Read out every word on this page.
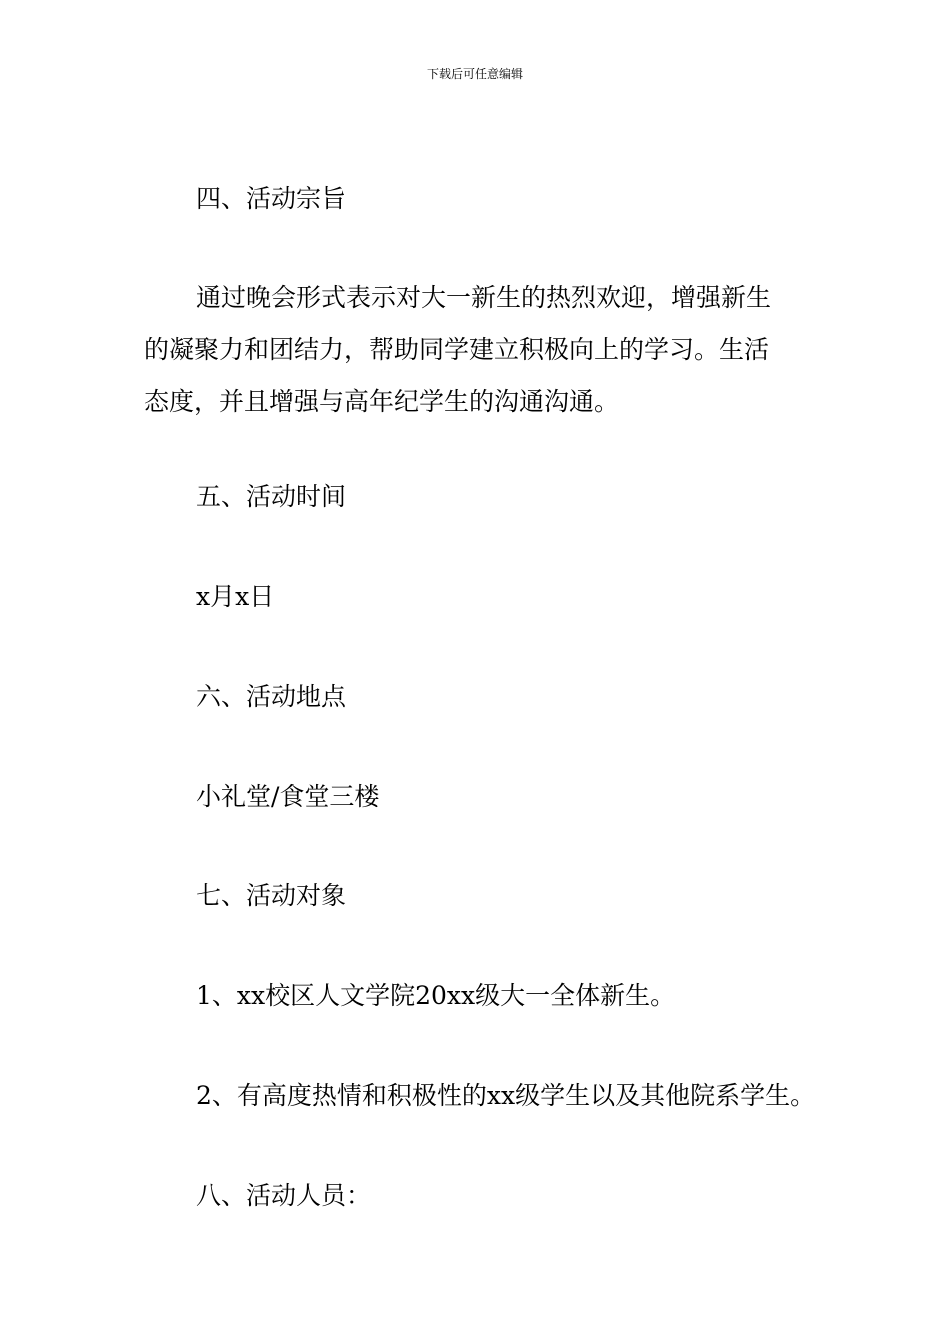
下载后可任意编辑
四、活动宗旨
通过晚会形式表示对大一新生的热烈欢迎，增强新生
的凝聚力和团结力，帮助同学建立积极向上的学习。生活
态度，并且增强与高年纪学生的沟通沟通。
五、活动时间
x月x日
六、活动地点
小礼堂/食堂三楼
七、活动对象
1、xx校区人文学院20xx级大一全体新生。
2、有高度热情和积极性的xx级学生以及其他院系学生。
八、活动人员：
